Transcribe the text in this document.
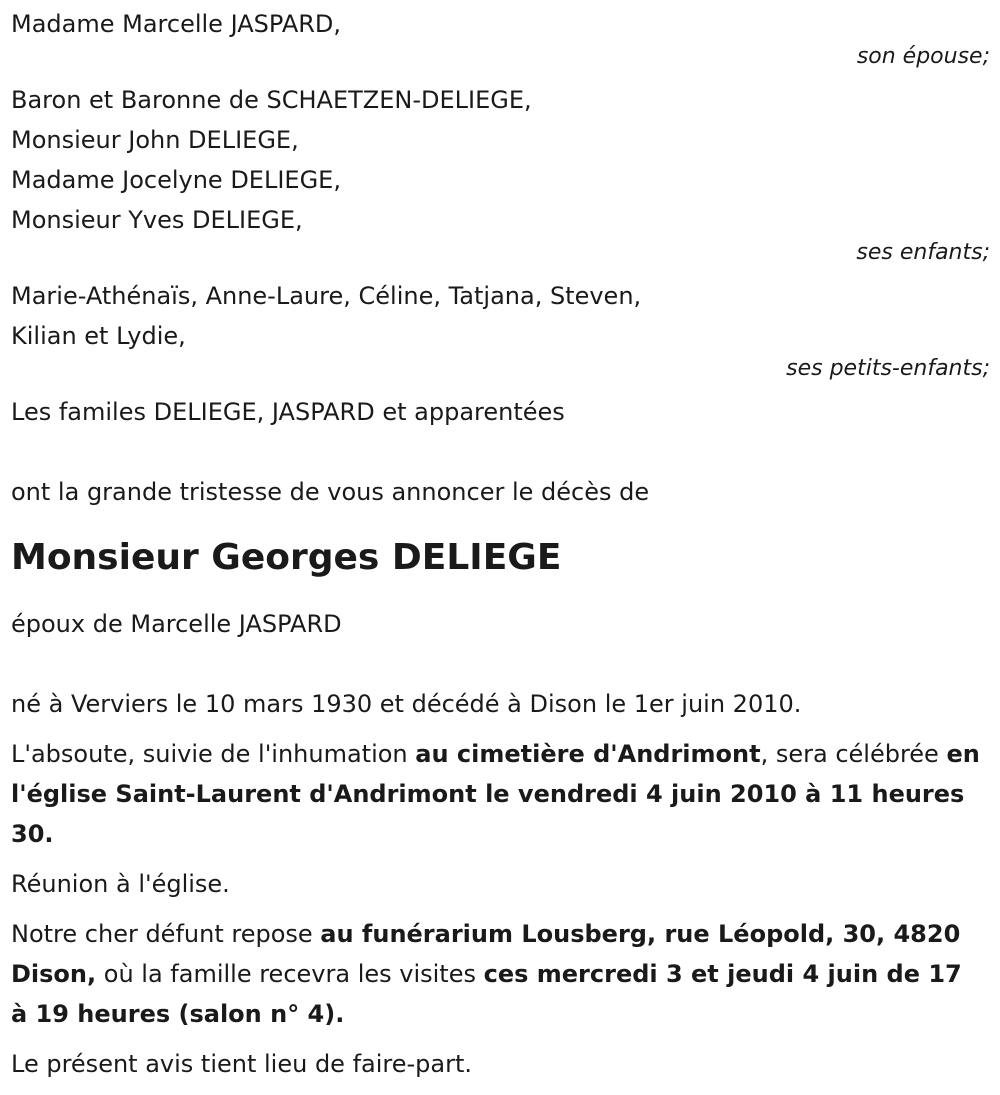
Madame Marcelle JASPARD,
son épouse;
Baron et Baronne de SCHAETZEN-DELIEGE,
Monsieur John DELIEGE,
Madame Jocelyne DELIEGE,
Monsieur Yves DELIEGE,
ses enfants;
Marie-Athénaïs, Anne-Laure, Céline, Tatjana, Steven,
Kilian et Lydie,
ses petits-enfants;
Les familes DELIEGE, JASPARD et apparentées
ont la grande tristesse de vous annoncer le décès de
Monsieur Georges DELIEGE
époux de Marcelle JASPARD

né à Verviers le 10 mars 1930 et décédé à Dison le 1er juin 2010.

L'absoute, suivie de l'inhumation au cimetière d'Andrimont, sera célébrée en l'église Saint-Laurent d'Andrimont le vendredi 4 juin 2010 à 11 heures 30.

Réunion à l'église.

Notre cher défunt repose au funérarium Lousberg, rue Léopold, 30, 4820 Dison, où la famille recevra les visites ces mercredi 3 et jeudi 4 juin de 17 à 19 heures (salon n° 4).

Le présent avis tient lieu de faire-part.
